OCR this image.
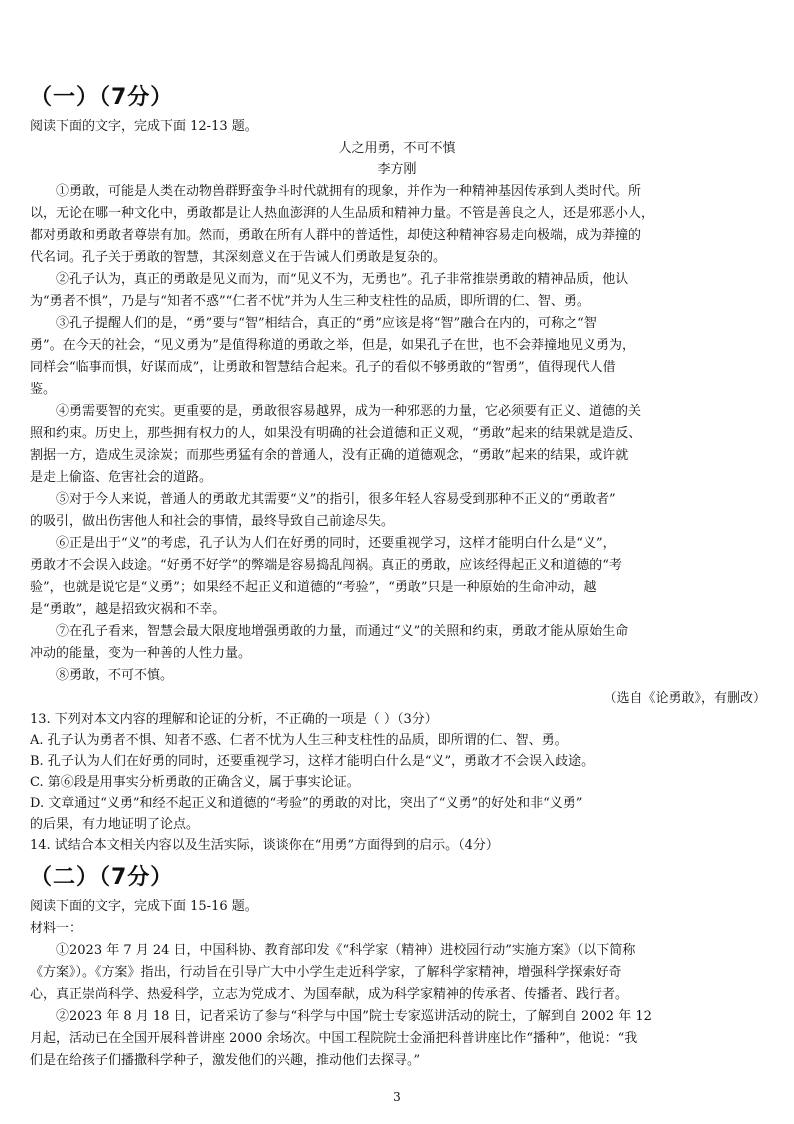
（一）（7分）
阅读下面的文字，完成下面 12-13 题。
人之用勇，不可不慎
李方刚
①勇敢，可能是人类在动物兽群野蛮争斗时代就拥有的现象，并作为一种精神基因传承到人类时代。所
以，无论在哪一种文化中，勇敢都是让人热血澎湃的人生品质和精神力量。不管是善良之人，还是邪恶小人，
都对勇敢和勇敢者尊崇有加。然而，勇敢在所有人群中的普适性，却使这种精神容易走向极端，成为莽撞的
代名词。孔子关于勇敢的智慧，其深刻意义在于告诫人们勇敢是复杂的。
②孔子认为，真正的勇敢是见义而为，而“见义不为，无勇也”。孔子非常推崇勇敢的精神品质，他认
为“勇者不惧”，乃是与“知者不惑”“仁者不忧”并为人生三种支柱性的品质，即所谓的仁、智、勇。
③孔子提醒人们的是，“勇”要与“智”相结合，真正的“勇”应该是将“智”融合在内的，可称之“智
勇”。在今天的社会，“见义勇为”是值得称道的勇敢之举，但是，如果孔子在世，也不会莽撞地见义勇为，
同样会“临事而惧，好谋而成”，让勇敢和智慧结合起来。孔子的看似不够勇敢的“智勇”，值得现代人借
鉴。
④勇需要智的充实。更重要的是，勇敢很容易越界，成为一种邪恶的力量，它必须要有正义、道德的关
照和约束。历史上，那些拥有权力的人，如果没有明确的社会道德和正义观，“勇敢”起来的结果就是造反、
割据一方，造成生灵涂炭；而那些勇猛有余的普通人，没有正确的道德观念，“勇敢”起来的结果，或许就
是走上偷盗、危害社会的道路。
⑤对于今人来说，普通人的勇敢尤其需要“义”的指引，很多年轻人容易受到那种不正义的“勇敢者”
的吸引，做出伤害他人和社会的事情，最终导致自己前途尽失。
⑥正是出于“义”的考虑，孔子认为人们在好勇的同时，还要重视学习，这样才能明白什么是“义”，
勇敢才不会误入歧途。“好勇不好学”的弊端是容易捣乱闯祸。真正的勇敢，应该经得起正义和道德的“考
验”，也就是说它是“义勇”；如果经不起正义和道德的“考验”，“勇敢”只是一种原始的生命冲动，越
是“勇敢”，越是招致灾祸和不幸。
⑦在孔子看来，智慧会最大限度地增强勇敢的力量，而通过“义”的关照和约束，勇敢才能从原始生命
冲动的能量，变为一种善的人性力量。
⑧勇敢，不可不慎。
（选自《论勇敢》，有删改）
13. 下列对本文内容的理解和论证的分析，不正确的一项是（ ）（3分）
A. 孔子认为勇者不惧、知者不惑、仁者不忧为人生三种支柱性的品质，即所谓的仁、智、勇。
B. 孔子认为人们在好勇的同时，还要重视学习，这样才能明白什么是“义”，勇敢才不会误入歧途。
C. 第⑥段是用事实分析勇敢的正确含义，属于事实论证。
D. 文章通过“义勇”和经不起正义和道德的“考验”的勇敢的对比，突出了“义勇”的好处和非“义勇”
的后果，有力地证明了论点。
14. 试结合本文相关内容以及生活实际，谈谈你在“用勇”方面得到的启示。（4分）
（二）（7分）
阅读下面的文字，完成下面 15-16 题。
材料一：
①2023 年 7 月 24 日，中国科协、教育部印发《“科学家（精神）进校园行动”实施方案》（以下简称
《方案》）。《方案》指出，行动旨在引导广大中小学生走近科学家，了解科学家精神，增强科学探索好奇
心，真正崇尚科学、热爱科学，立志为党成才、为国奉献，成为科学家精神的传承者、传播者、践行者。
②2023 年 8 月 18 日，记者采访了参与“科学与中国”院士专家巡讲活动的院士，了解到自 2002 年 12
月起，活动已在全国开展科普讲座 2000 余场次。中国工程院院士金涌把科普讲座比作“播种”，他说：“我
们是在给孩子们播撒科学种子，激发他们的兴趣，推动他们去探寻。”
3
